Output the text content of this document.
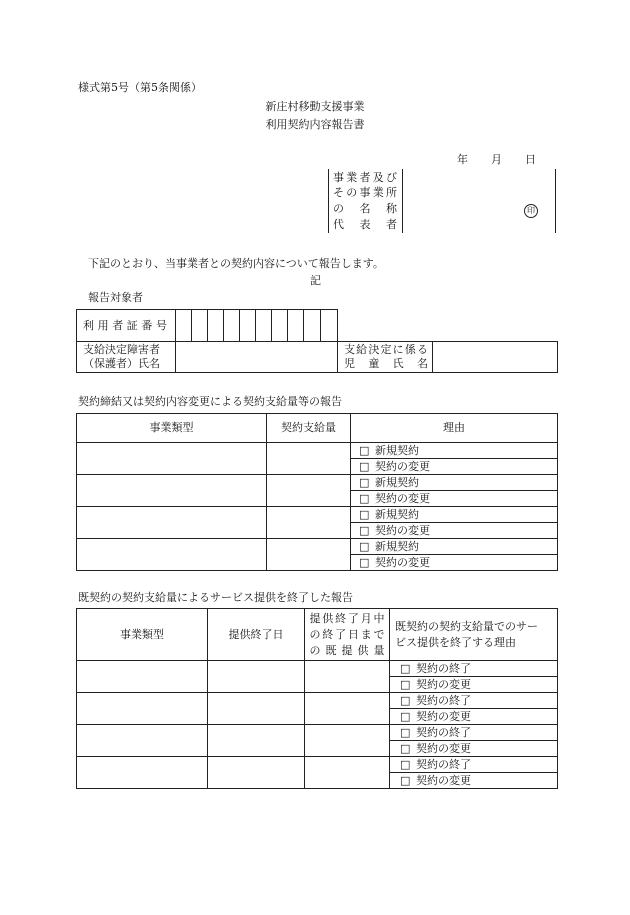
様式第5号（第5条関係）
新庄村移動支援事業
利用契約内容報告書
年 月 日
事業者及び
その事業所
の　名　称
代　表　者
印
下記のとおり、当事業者との契約内容について報告します。
記
報告対象者
利用者証番号												

支給決定障害者
（保護者）氏名											支給決定に係る
児　童　氏　名	

契約締結又は契約内容変更による契約支給量等の報告
事業類型	契約支給量	理由
		□ 新規契約
		□ 契約の変更
		□ 新規契約
		□ 契約の変更
		□ 新規契約
		□ 契約の変更
		□ 新規契約
		□ 契約の変更
既契約の契約支給量によるサービス提供を終了した報告
事業類型	提供終了日	提供終了月中
の終了日まで
の既提供量	既契約の契約支給量でのサー
ビス提供を終了する理由

			□ 契約の終了
			□ 契約の変更
			□ 契約の終了
			□ 契約の変更
			□ 契約の終了
			□ 契約の変更
			□ 契約の終了
			□ 契約の変更
